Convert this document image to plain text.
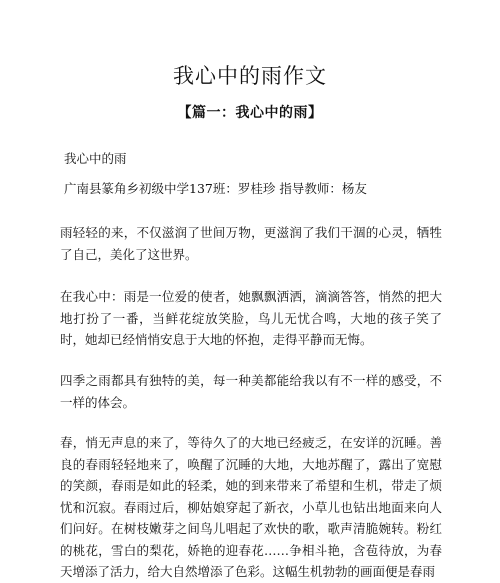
我心中的雨作文
【篇一：我心中的雨】
我心中的雨
广南县篆角乡初级中学137班：罗桂珍 指导教师：杨友

雨轻轻的来，不仅滋润了世间万物，更滋润了我们干涸的心灵，牺牲了自己，美化了这世界。

在我心中：雨是一位爱的使者，她飘飘洒洒，滴滴答答，悄然的把大地打扮了一番，当鲜花绽放笑脸，鸟儿无忧合鸣，大地的孩子笑了时，她却已经悄悄安息于大地的怀抱，走得平静而无悔。

四季之雨都具有独特的美，每一种美都能给我以有不一样的感受，不一样的体会。

春，悄无声息的来了，等待久了的大地已经疲乏，在安详的沉睡。善良的春雨轻轻地来了，唤醒了沉睡的大地，大地苏醒了，露出了宽慰的笑颜，春雨是如此的轻柔，她的到来带来了希望和生机，带走了烦忧和沉寂。春雨过后，柳姑娘穿起了新衣，小草儿也钻出地面来向人们问好。在树枝嫩芽之间鸟儿唱起了欢快的歌，歌声清脆婉转。粉红的桃花，雪白的梨花，娇艳的迎春花……争相斗艳，含苞待放，为春天增添了活力，给大自然增添了色彩。这幅生机勃勃的画面便是春雨
